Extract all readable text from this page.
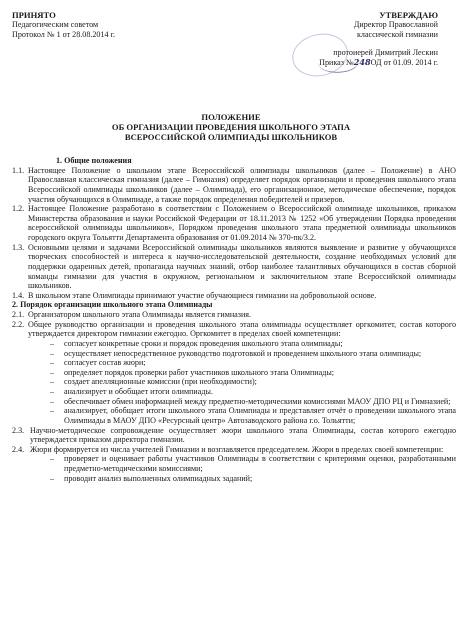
ПРИНЯТО
Педагогическим советом
Протокол № 1 от 28.08.2014 г.
УТВЕРЖДАЮ
Директор Православной
классической гимназии
протоиерей Димитрий Лескин
Приказ №248ОД от 01.09. 2014 г.
ПОЛОЖЕНИЕ
ОБ ОРГАНИЗАЦИИ ПРОВЕДЕНИЯ ШКОЛЬНОГО ЭТАПА
ВСЕРОССИЙСКОЙ ОЛИМПИАДЫ ШКОЛЬНИКОВ
1. Общие положения
1.1. Настоящее Положение о школьном этапе Всероссийской олимпиады школьников (далее – Положение) в АНО Православная классическая гимназия (далее – Гимназия) определяет порядок организации и проведения школьного этапа Всероссийской олимпиады школьников (далее – Олимпиада), его организационное, методическое обеспечение, порядок участия обучающихся в Олимпиаде, а также порядок определения победителей и призеров.
1.2. Настоящее Положение разработано в соответствии с Положением о Всероссийской олимпиаде школьников, приказом Министерства образования и науки Российской Федерации от 18.11.2013 № 1252 «Об утверждении Порядка проведения всероссийской олимпиады школьников», Порядком проведения школьного этапа предметной олимпиады школьников городского округа Тольятти Департамента образования от 01.09.2014 № 370-пк/3.2.
1.3. Основными целями и задачами Всероссийской олимпиады школьников являются выявление и развитие у обучающихся творческих способностей и интереса к научно-исследовательской деятельности, создание необходимых условий для поддержки одаренных детей, пропаганда научных знаний, отбор наиболее талантливых обучающихся в состав сборной команды гимназии для участия в окружном, региональном и заключительном этапе Всероссийской олимпиады школьников.
1.4. В школьном этапе Олимпиады принимают участие обучающиеся гимназии на добровольной основе.
2. Порядок организации школьного этапа Олимпиады
2.1. Организатором школьного этапа Олимпиады является гимназия.
2.2. Общее руководство организации и проведения школьного этапа олимпиады осуществляет оргкомитет, состав которого утверждается директором гимназии ежегодно. Оргкомитет в пределах своей компетенции:
–	согласует конкретные сроки и порядок проведения школьного этапа олимпиады;
–	осуществляет непосредственное руководство подготовкой и проведением школьного этапа олимпиады;
–	согласует состав жюри;
–	определяет порядок проверки работ участников школьного этапа Олимпиады;
–	создает апелляционные комиссии (при необходимости);
–	анализирует и обобщает итоги олимпиады.
–	обеспечивает обмен информацией между предметно-методическими комиссиями МАОУ ДПО РЦ и Гимназией;
–	анализирует, обобщает итоги школьного этапа Олимпиады и представляет отчёт о проведении школьного этапа Олимпиады в МАОУ ДПО «Ресурсный центр» Автозаводского района г.о. Тольятти;
2.3. Научно-методическое сопровождение осуществляет жюри школьного этапа Олимпиады, состав которого ежегодно утверждается приказом директора гимназии.
2.4. Жюри формируется из числа учителей Гимназии и возглавляется председателем. Жюри в пределах своей компетенции:
–	проверяет и оценивает работы участников Олимпиады в соответствии с критериями оценки, разработанными предметно-методическими комиссиями;
–	проводит анализ выполненных олимпиадных заданий;
